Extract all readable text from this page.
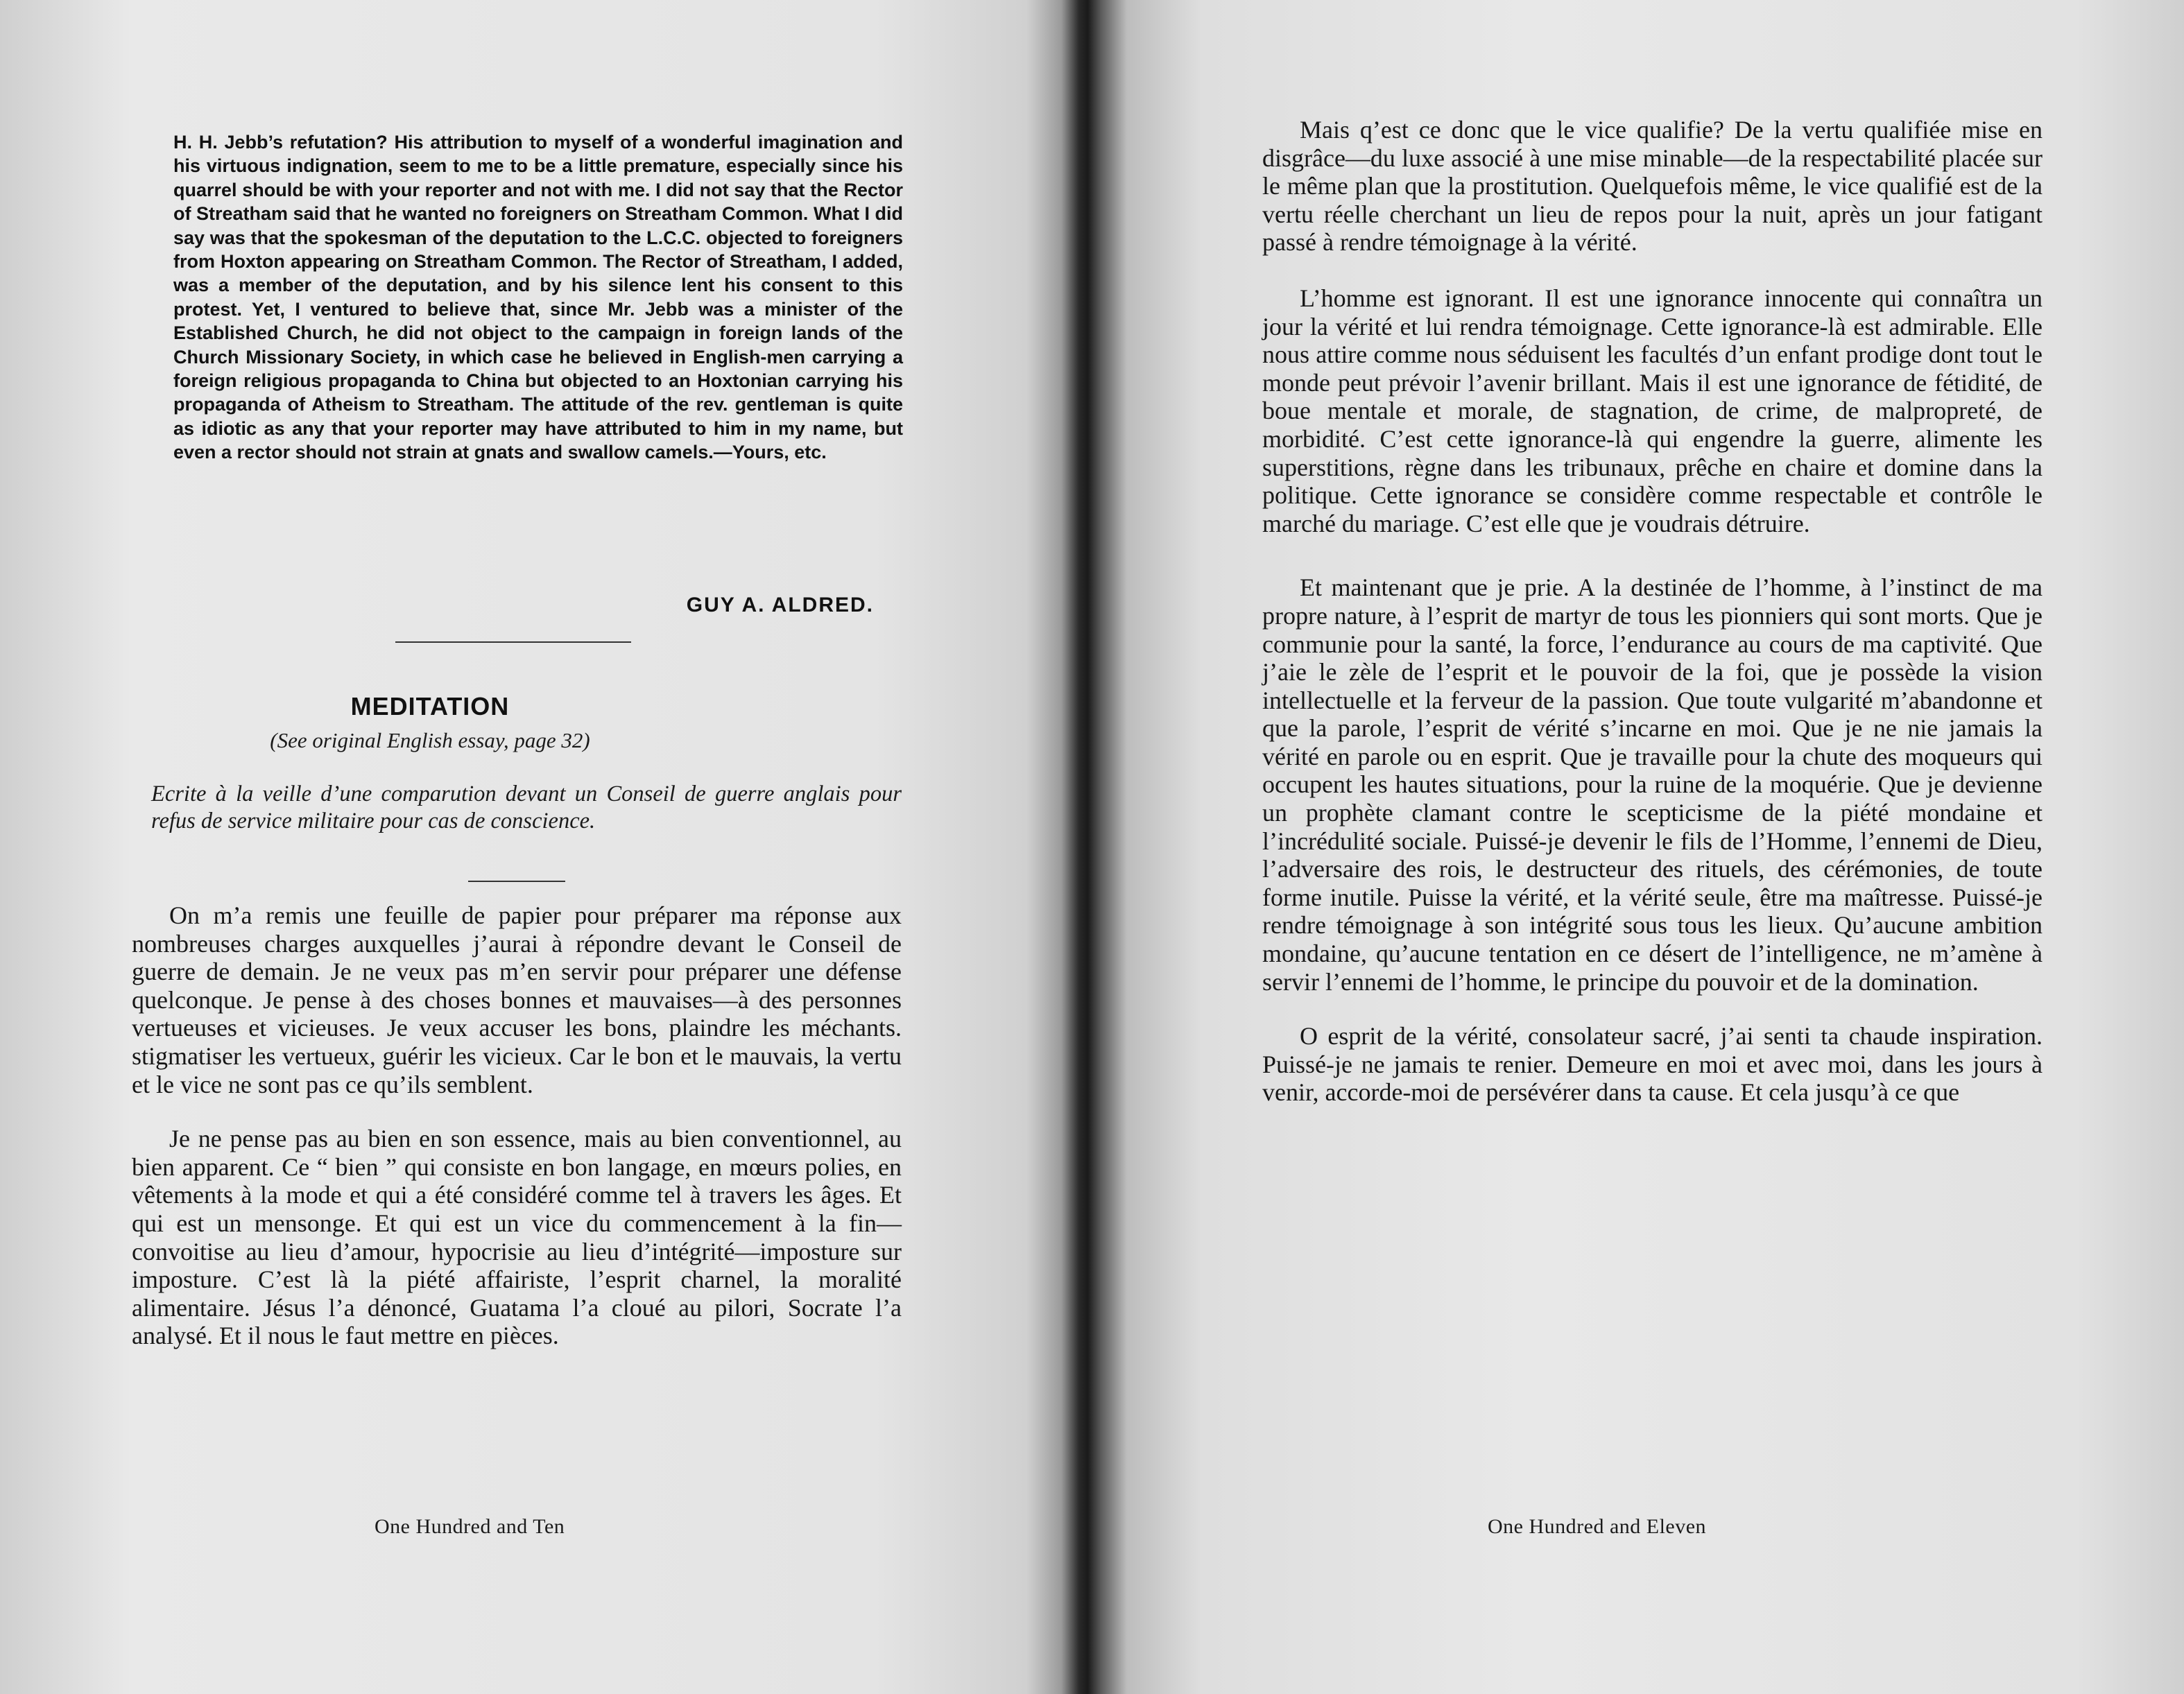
H. H. Jebb’s refutation? His attribution to myself of a wonderful imagination and his virtuous indignation, seem to me to be a little premature, especially since his quarrel should be with your reporter and not with me. I did not say that the Rector of Streatham said that he wanted no foreigners on Streatham Common. What I did say was that the spokesman of the deputation to the L.C.C. objected to foreigners from Hoxton appearing on Streatham Common. The Rector of Streatham, I added, was a member of the deputation, and by his silence lent his consent to this protest. Yet, I ventured to believe that, since Mr. Jebb was a minister of the Established Church, he did not object to the campaign in foreign lands of the Church Missionary Society, in which case he believed in English-men carrying a foreign religious propaganda to China but objected to an Hoxtonian carrying his propaganda of Atheism to Streatham. The attitude of the rev. gentleman is quite as idiotic as any that your reporter may have attributed to him in my name, but even a rector should not strain at gnats and swallow camels.—Yours, etc.
GUY A. ALDRED.
MEDITATION
(See original English essay, page 32)
Ecrite à la veille d’une comparution devant un Conseil de guerre anglais pour refus de service militaire pour cas de conscience.

On m’a remis une feuille de papier pour préparer ma réponse aux nombreuses charges auxquelles j’aurai à répondre devant le Conseil de guerre de demain. Je ne veux pas m’en servir pour préparer une défense quelconque. Je pense à des choses bonnes et mauvaises—à des personnes vertueuses et vicieuses. Je veux accuser les bons, plaindre les méchants. stigmatiser les vertueux, guérir les vicieux. Car le bon et le mauvais, la vertu et le vice ne sont pas ce qu’ils semblent.

Je ne pense pas au bien en son essence, mais au bien conventionnel, au bien apparent. Ce “ bien ” qui consiste en bon langage, en mœurs polies, en vêtements à la mode et qui a été considéré comme tel à travers les âges. Et qui est un mensonge. Et qui est un vice du commencement à la fin—convoitise au lieu d’amour, hypocrisie au lieu d’intégrité—imposture sur imposture. C’est là la piété affairiste, l’esprit charnel, la moralité alimentaire. Jésus l’a dénoncé, Guatama l’a cloué au pilori, Socrate l’a analysé. Et il nous le faut mettre en pièces.

One Hundred and Ten

Mais q’est ce donc que le vice qualifie? De la vertu qualifiée mise en disgrâce—du luxe associé à une mise minable—de la respectabilité placée sur le même plan que la prostitution. Quelquefois même, le vice qualifié est de la vertu réelle cherchant un lieu de repos pour la nuit, après un jour fatigant passé à rendre témoignage à la vérité.

L’homme est ignorant. Il est une ignorance innocente qui connaîtra un jour la vérité et lui rendra témoignage. Cette ignorance-là est admirable. Elle nous attire comme nous séduisent les facultés d’un enfant prodige dont tout le monde peut prévoir l’avenir brillant. Mais il est une ignorance de fétidité, de boue mentale et morale, de stagnation, de crime, de malpropreté, de morbidité. C’est cette ignorance-là qui engendre la guerre, alimente les superstitions, règne dans les tribunaux, prêche en chaire et domine dans la politique. Cette ignorance se considère comme respectable et contrôle le marché du mariage. C’est elle que je voudrais détruire.

Et maintenant que je prie. A la destinée de l’homme, à l’instinct de ma propre nature, à l’esprit de martyr de tous les pionniers qui sont morts. Que je communie pour la santé, la force, l’endurance au cours de ma captivité. Que j’aie le zèle de l’esprit et le pouvoir de la foi, que je possède la vision intellectuelle et la ferveur de la passion. Que toute vulgarité m’abandonne et que la parole, l’esprit de vérité s’incarne en moi. Que je ne nie jamais la vérité en parole ou en esprit. Que je travaille pour la chute des moqueurs qui occupent les hautes situations, pour la ruine de la moquérie. Que je devienne un prophète clamant contre le scepticisme de la piété mondaine et l’incrédulité sociale. Puissé-je devenir le fils de l’Homme, l’ennemi de Dieu, l’adversaire des rois, le destructeur des rituels, des cérémonies, de toute forme inutile. Puisse la vérité, et la vérité seule, être ma maîtresse. Puissé-je rendre témoignage à son intégrité sous tous les lieux. Qu’aucune ambition mondaine, qu’aucune tentation en ce désert de l’intelligence, ne m’amène à servir l’ennemi de l’homme, le principe du pouvoir et de la domination.

O esprit de la vérité, consolateur sacré, j’ai senti ta chaude inspiration. Puissé-je ne jamais te renier. Demeure en moi et avec moi, dans les jours à venir, accorde-moi de persévérer dans ta cause. Et cela jusqu’à ce que

One Hundred and Eleven
